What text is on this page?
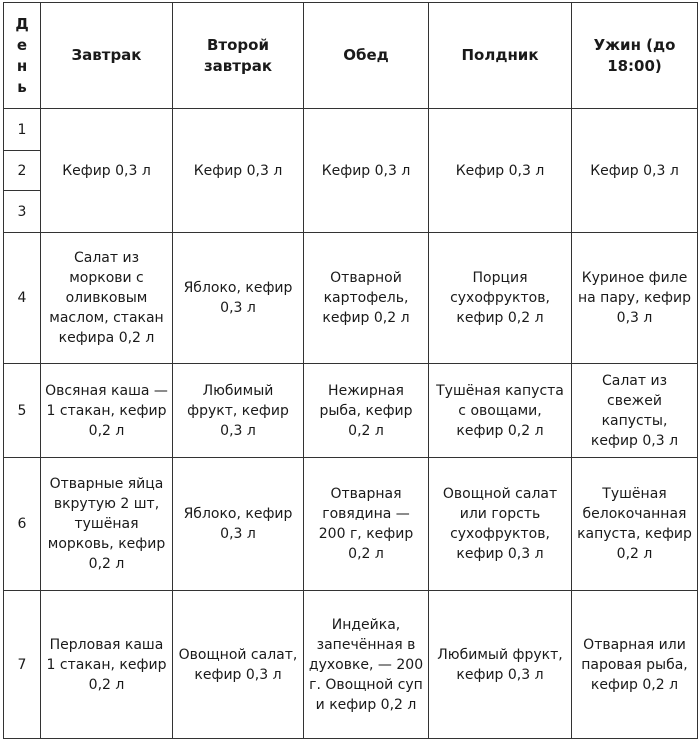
Д
е
н
ь	Завтрак	Второй завтрак	Обед	Полдник	Ужин (до 18:00)
1	Кефир 0,3 л	Кефир 0,3 л	Кефир 0,3 л	Кефир 0,3 л	Кефир 0,3 л
2					
3					
4	Салат из моркови с оливковым маслом, стакан кефира 0,2 л	Яблоко, кефир 0,3 л	Отварной картофель, кефир 0,2 л	Порция сухофруктов, кефир 0,2 л	Куриное филе на пару, кефир 0,3 л
5	Овсяная каша — 1 стакан, кефир 0,2 л	Любимый фрукт, кефир 0,3 л	Нежирная рыба, кефир 0,2 л	Тушёная капуста с овощами, кефир 0,2 л	Салат из свежей капусты, кефир 0,3 л
6	Отварные яйца вкрутую 2 шт, тушёная морковь, кефир 0,2 л	Яблоко, кефир 0,3 л	Отварная говядина — 200 г, кефир 0,2 л	Овощной салат или горсть сухофруктов, кефир 0,3 л	Тушёная белокочанная капуста, кефир 0,2 л
7	Перловая каша 1 стакан, кефир 0,2 л	Овощной салат, кефир 0,3 л	Индейка, запечённая в духовке, — 200 г. Овощной суп и кефир 0,2 л	Любимый фрукт, кефир 0,3 л	Отварная или паровая рыба, кефир 0,2 л
